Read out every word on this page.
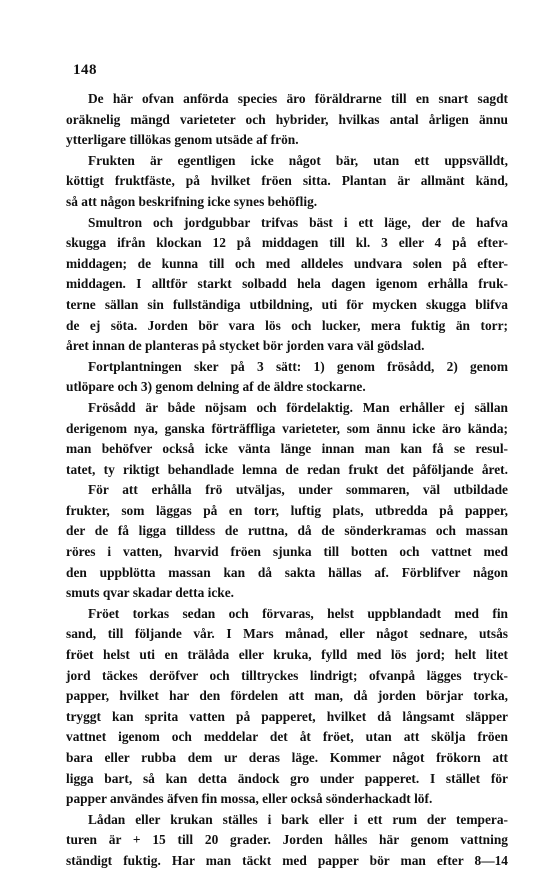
148
De här ofvan anförda species äro föräldrarne till en snart sagdt
oräknelig mängd varieteter och hybrider, hvilkas antal årligen ännu
ytterligare tillökas genom utsäde af frön.
Frukten är egentligen icke något bär, utan ett uppsvälldt,
köttigt fruktfäste, på hvilket fröen sitta. Plantan är allmänt känd,
så att någon beskrifning icke synes behöflig.
Smultron och jordgubbar trifvas bäst i ett läge, der de hafva
skugga ifrån klockan 12 på middagen till kl. 3 eller 4 på efter-
middagen; de kunna till och med alldeles undvara solen på efter-
middagen. I alltför starkt solbadd hela dagen igenom erhålla fruk-
terne sällan sin fullständiga utbildning, uti för mycken skugga blifva
de ej söta. Jorden bör vara lös och lucker, mera fuktig än torr;
året innan de planteras på stycket bör jorden vara väl gödslad.
Fortplantningen sker på 3 sätt: 1) genom frösådd, 2) genom
utlöpare och 3) genom delning af de äldre stockarne.
Frösådd är både nöjsam och fördelaktig. Man erhåller ej sällan
derigenom nya, ganska förträffliga varieteter, som ännu icke äro kända;
man behöfver också icke vänta länge innan man kan få se resul-
tatet, ty riktigt behandlade lemna de redan frukt det påföljande året.
För att erhålla frö utväljas, under sommaren, väl utbildade
frukter, som läggas på en torr, luftig plats, utbredda på papper,
der de få ligga tilldess de ruttna, då de sönderkramas och massan
röres i vatten, hvarvid fröen sjunka till botten och vattnet med
den uppblötta massan kan då sakta hällas af. Förblifver någon
smuts qvar skadar detta icke.
Fröet torkas sedan och förvaras, helst uppblandadt med fin
sand, till följande vår. I Mars månad, eller något sednare, utsås
fröet helst uti en trälåda eller kruka, fylld med lös jord; helt litet
jord täckes deröfver och tilltryckes lindrigt; ofvanpå lägges tryck-
papper, hvilket har den fördelen att man, då jorden börjar torka,
tryggt kan sprita vatten på papperet, hvilket då långsamt släpper
vattnet igenom och meddelar det åt fröet, utan att skölja fröen
bara eller rubba dem ur deras läge. Kommer något frökorn att
ligga bart, så kan detta ändock gro under papperet. I stället för
papper användes äfven fin mossa, eller också sönderhackadt löf.
Lådan eller krukan ställes i bark eller i ett rum der tempera-
turen är + 15 till 20 grader. Jorden hålles här genom vattning
ständigt fuktig. Har man täckt med papper bör man efter 8—14
